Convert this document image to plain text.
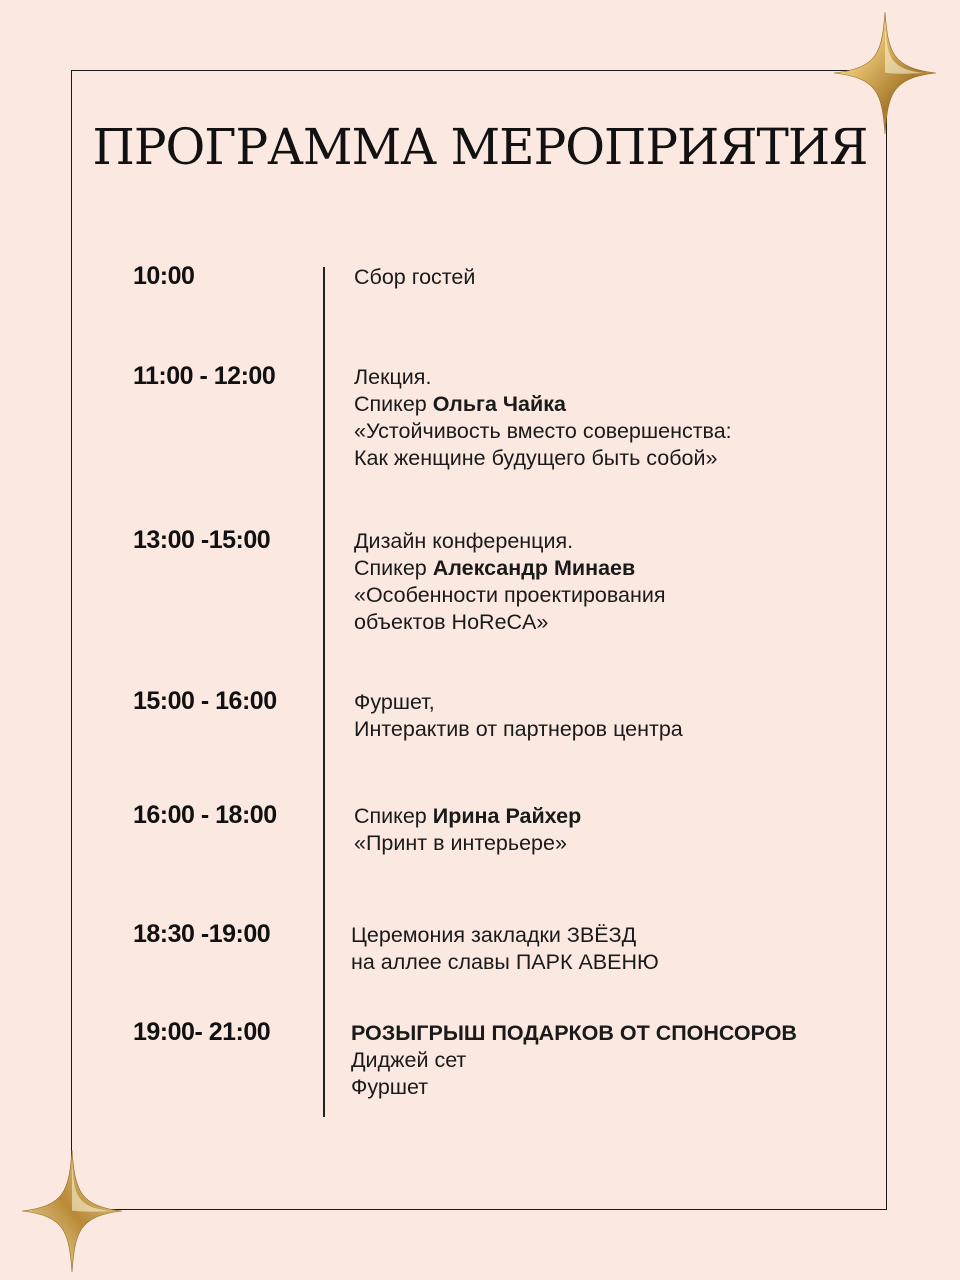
ПРОГРАММА МЕРОПРИЯТИЯ
10:00	Сбор гостей
11:00 - 12:00	Лекция.
Спикер Ольга Чайка
«Устойчивость вместо совершенства:
Как женщине будущего быть собой»
13:00 -15:00	Дизайн конференция.
Спикер Александр Минаев
«Особенности проектирования
объектов HoReCA»
15:00 - 16:00	Фуршет,
Интерактив от партнеров центра
16:00 - 18:00	Спикер Ирина Райхер
«Принт в интерьере»
18:30 -19:00	Церемония закладки ЗВЁЗД
на аллее славы ПАРК АВЕНЮ
19:00- 21:00	РОЗЫГРЫШ ПОДАРКОВ ОТ СПОНСОРОВ
Диджей сет
Фуршет
